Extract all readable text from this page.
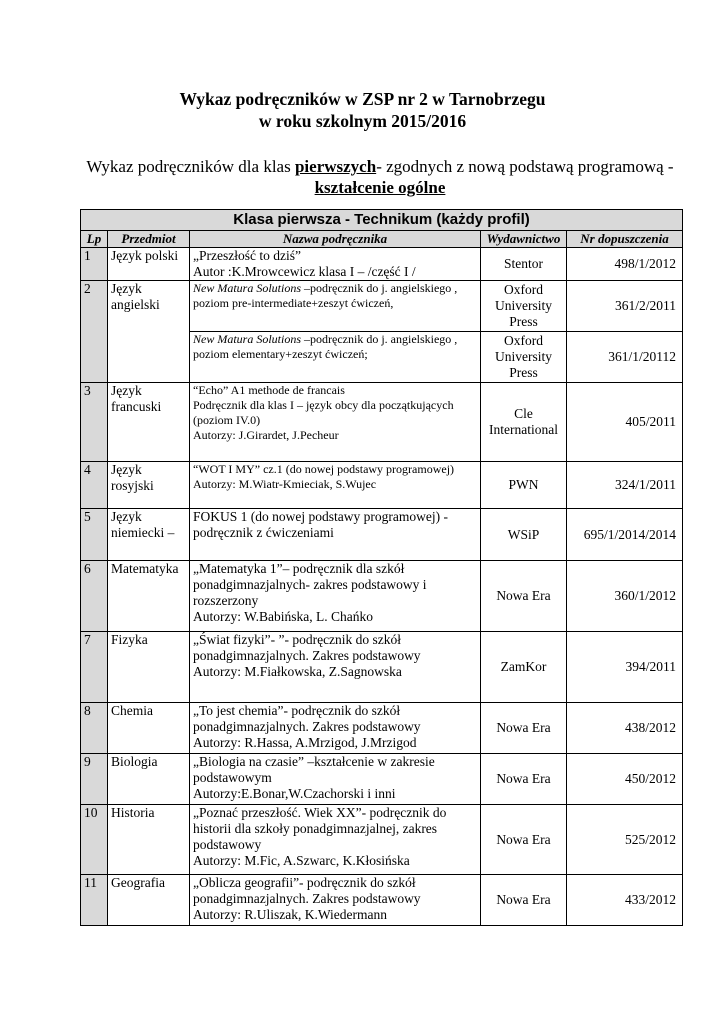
Wykaz podręczników w ZSP nr 2 w Tarnobrzegu
w roku szkolnym 2015/2016
Wykaz podręczników dla klas pierwszych- zgodnych z nową podstawą programową -
kształcenie ogólne
Klasa pierwsza - Technikum (każdy profil)				
Lp	Przedmiot	Nazwa podręcznika	Wydawnictwo	Nr dopuszczenia
1	Język polski	„Przeszłość to dziś”
Autor :K.Mrowcewicz klasa I – /część I /	Stentor	498/1/2012
2	Język angielski	New Matura Solutions –podręcznik do j. angielskiego ,
poziom pre-intermediate+zeszyt ćwiczeń,	Oxford University Press	361/2/2011
		New Matura Solutions –podręcznik do j. angielskiego ,
poziom elementary+zeszyt ćwiczeń;	Oxford University Press	361/1/20112
3	Język francuski	“Echo” A1 methode de francais
Podręcznik dla klas I – język obcy dla początkujących (poziom IV.0)
Autorzy: J.Girardet, J.Pecheur	Cle International	405/2011
4	Język rosyjski	“WOT I MY” cz.1 (do nowej podstawy programowej)
Autorzy: M.Wiatr-Kmieciak, S.Wujec	PWN	324/1/2011
5	Język niemiecki –	FOKUS 1 (do nowej podstawy programowej) - podręcznik z ćwiczeniami	WSiP	695/1/2014/2014
6	Matematyka	„Matematyka 1”– podręcznik dla szkół ponadgimnazjalnych- zakres podstawowy i rozszerzony
Autorzy: W.Babińska, L. Chańko	Nowa Era	360/1/2012
7	Fizyka	„Świat fizyki”- ”- podręcznik do szkół ponadgimnazjalnych. Zakres podstawowy
Autorzy: M.Fiałkowska, Z.Sagnowska	ZamKor	394/2011
8	Chemia	„To jest chemia”- podręcznik do szkół ponadgimnazjalnych. Zakres podstawowy
Autorzy: R.Hassa, A.Mrzigod, J.Mrzigod	Nowa Era	438/2012
9	Biologia	„Biologia na czasie” –kształcenie w zakresie podstawowym
Autorzy:E.Bonar,W.Czachorski i inni	Nowa Era	450/2012
10	Historia	„Poznać przeszłość. Wiek XX”- podręcznik do historii dla szkoły ponadgimnazjalnej, zakres podstawowy
Autorzy: M.Fic, A.Szwarc, K.Kłosińska	Nowa Era	525/2012
11	Geografia	„Oblicza geografii”- podręcznik do szkół ponadgimnazjalnych. Zakres podstawowy
Autorzy: R.Uliszak, K.Wiedermann	Nowa Era	433/2012
